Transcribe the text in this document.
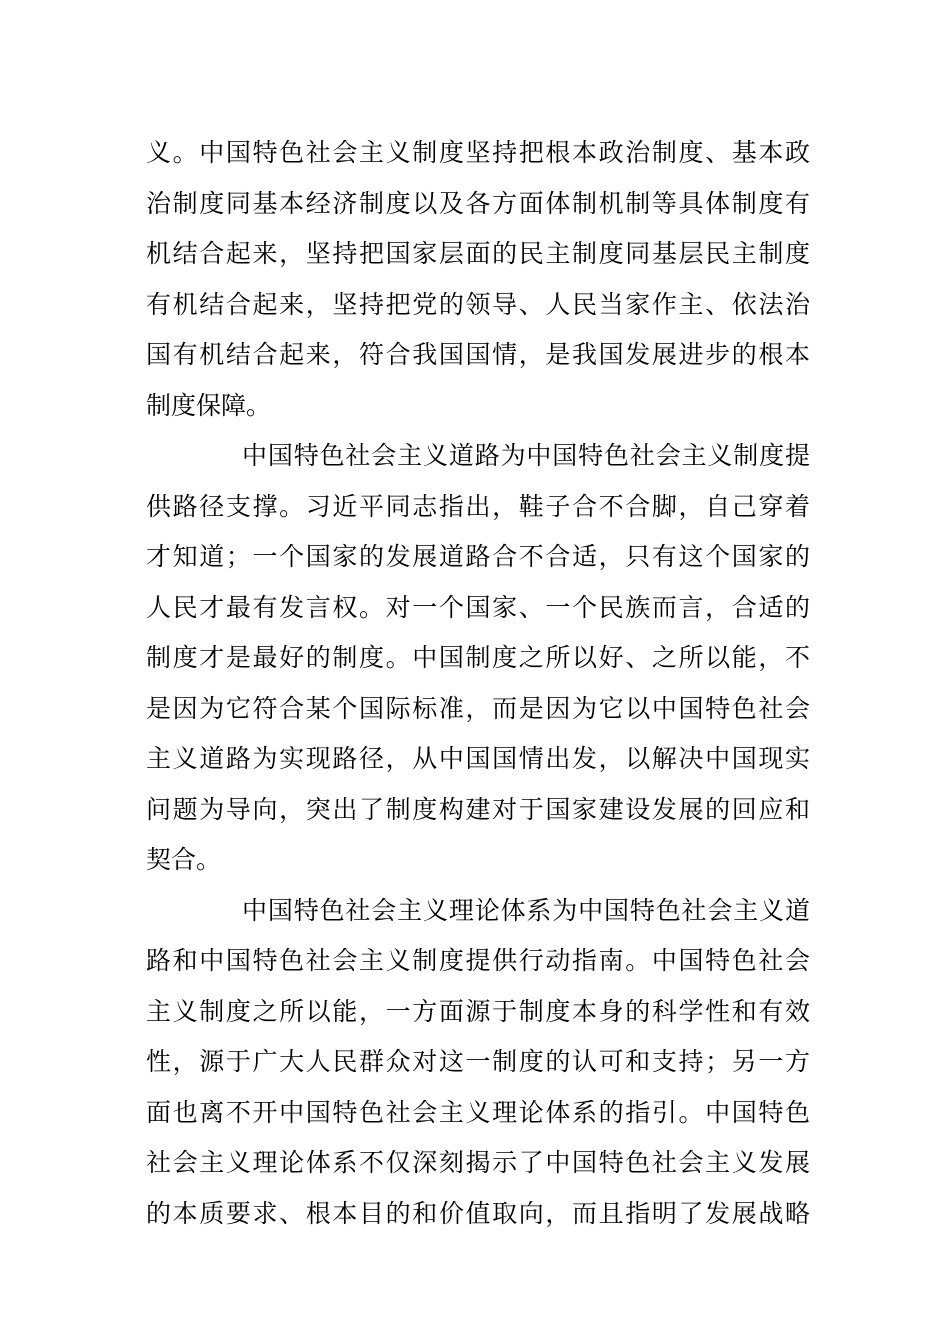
义。中国特色社会主义制度坚持把根本政治制度、基本政
治制度同基本经济制度以及各方面体制机制等具体制度有
机结合起来，坚持把国家层面的民主制度同基层民主制度
有机结合起来，坚持把党的领导、人民当家作主、依法治
国有机结合起来，符合我国国情，是我国发展进步的根本
制度保障。
中国特色社会主义道路为中国特色社会主义制度提
供路径支撑。习近平同志指出，鞋子合不合脚，自己穿着
才知道；一个国家的发展道路合不合适，只有这个国家的
人民才最有发言权。对一个国家、一个民族而言，合适的
制度才是最好的制度。中国制度之所以好、之所以能，不
是因为它符合某个国际标准，而是因为它以中国特色社会
主义道路为实现路径，从中国国情出发，以解决中国现实
问题为导向，突出了制度构建对于国家建设发展的回应和
契合。
中国特色社会主义理论体系为中国特色社会主义道
路和中国特色社会主义制度提供行动指南。中国特色社会
主义制度之所以能，一方面源于制度本身的科学性和有效
性，源于广大人民群众对这一制度的认可和支持；另一方
面也离不开中国特色社会主义理论体系的指引。中国特色
社会主义理论体系不仅深刻揭示了中国特色社会主义发展
的本质要求、根本目的和价值取向，而且指明了发展战略
